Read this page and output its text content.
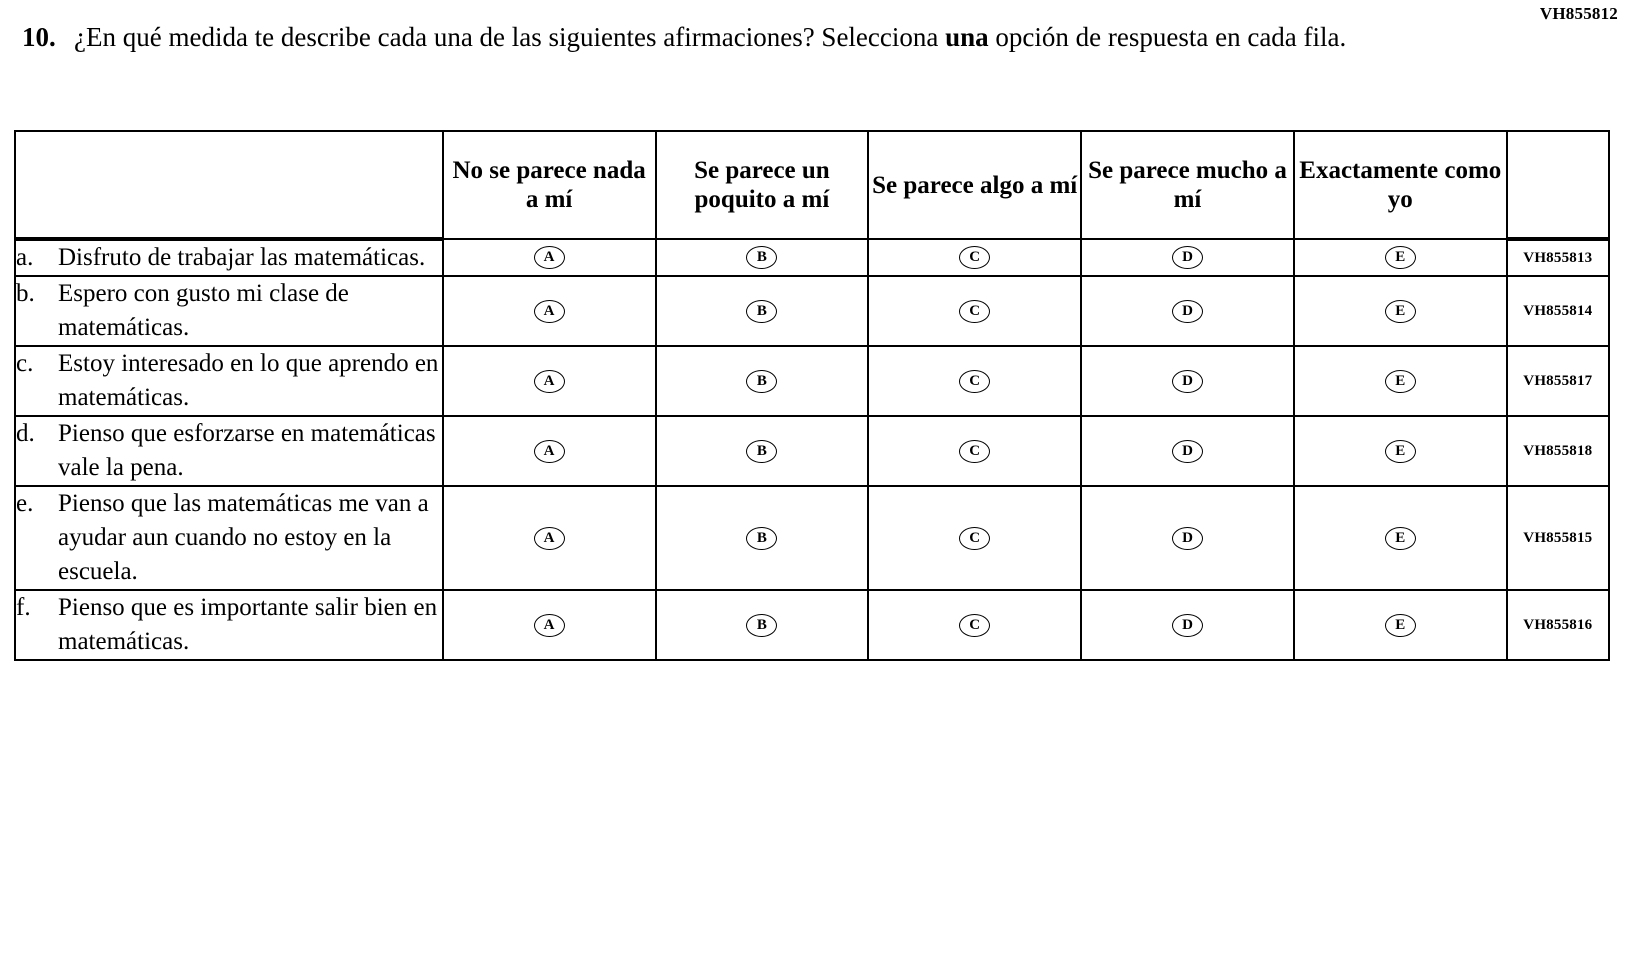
VH855812
10. ¿En qué medida te describe cada una de las siguientes afirmaciones? Selecciona una opción de respuesta en cada fila.
	No se parece nada a mí	Se parece un poquito a mí	Se parece algo a mí	Se parece mucho a mí	Exactamente como yo	

a. Disfruto de trabajar las matemáticas.	A	B	C	D	E	VH855813

b. Espero con gusto mi clase de matemáticas.	A	B	C	D	E	VH855814

c. Estoy interesado en lo que aprendo en matemáticas.	A	B	C	D	E	VH855817

d. Pienso que esforzarse en matemáticas vale la pena.	A	B	C	D	E	VH855818

e. Pienso que las matemáticas me van a ayudar aun cuando no estoy en la escuela.	A	B	C	D	E	VH855815

f. Pienso que es importante salir bien en matemáticas.	A	B	C	D	E	VH855816
